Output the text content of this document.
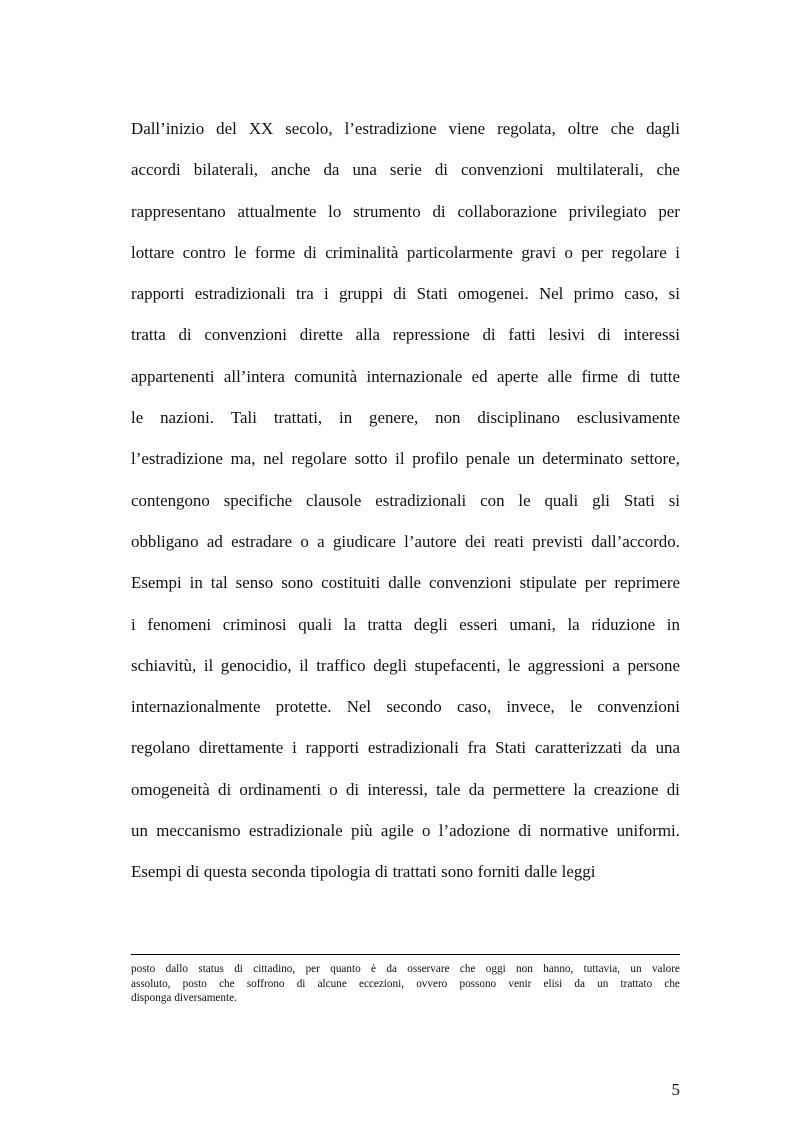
Dall’inizio del XX secolo, l’estradizione viene regolata, oltre che dagli
accordi bilaterali, anche da una serie di convenzioni multilaterali, che
rappresentano attualmente lo strumento di collaborazione privilegiato per
lottare contro le forme di criminalità particolarmente gravi o per regolare i
rapporti estradizionali tra i gruppi di Stati omogenei. Nel primo caso, si
tratta di convenzioni dirette alla repressione di fatti lesivi di interessi
appartenenti all’intera comunità internazionale ed aperte alle firme di tutte
le nazioni. Tali trattati, in genere, non disciplinano esclusivamente
l’estradizione ma, nel regolare sotto il profilo penale un determinato settore,
contengono specifiche clausole estradizionali con le quali gli Stati si
obbligano ad estradare o a giudicare l’autore dei reati previsti dall’accordo.
Esempi in tal senso sono costituiti dalle convenzioni stipulate per reprimere
i fenomeni criminosi quali la tratta degli esseri umani, la riduzione in
schiavitù, il genocidio, il traffico degli stupefacenti, le aggressioni a persone
internazionalmente protette. Nel secondo caso, invece, le convenzioni
regolano direttamente i rapporti estradizionali fra Stati caratterizzati da una
omogeneità di ordinamenti o di interessi, tale da permettere la creazione di
un meccanismo estradizionale più agile o l’adozione di normative uniformi.
Esempi di questa seconda tipologia di trattati sono forniti dalle leggi
posto dallo status di cittadino, per quanto è da osservare che oggi non hanno, tuttavia, un valore
assoluto, posto che soffrono di alcune eccezioni, ovvero possono venir elisi da un trattato che
disponga diversamente.
5
